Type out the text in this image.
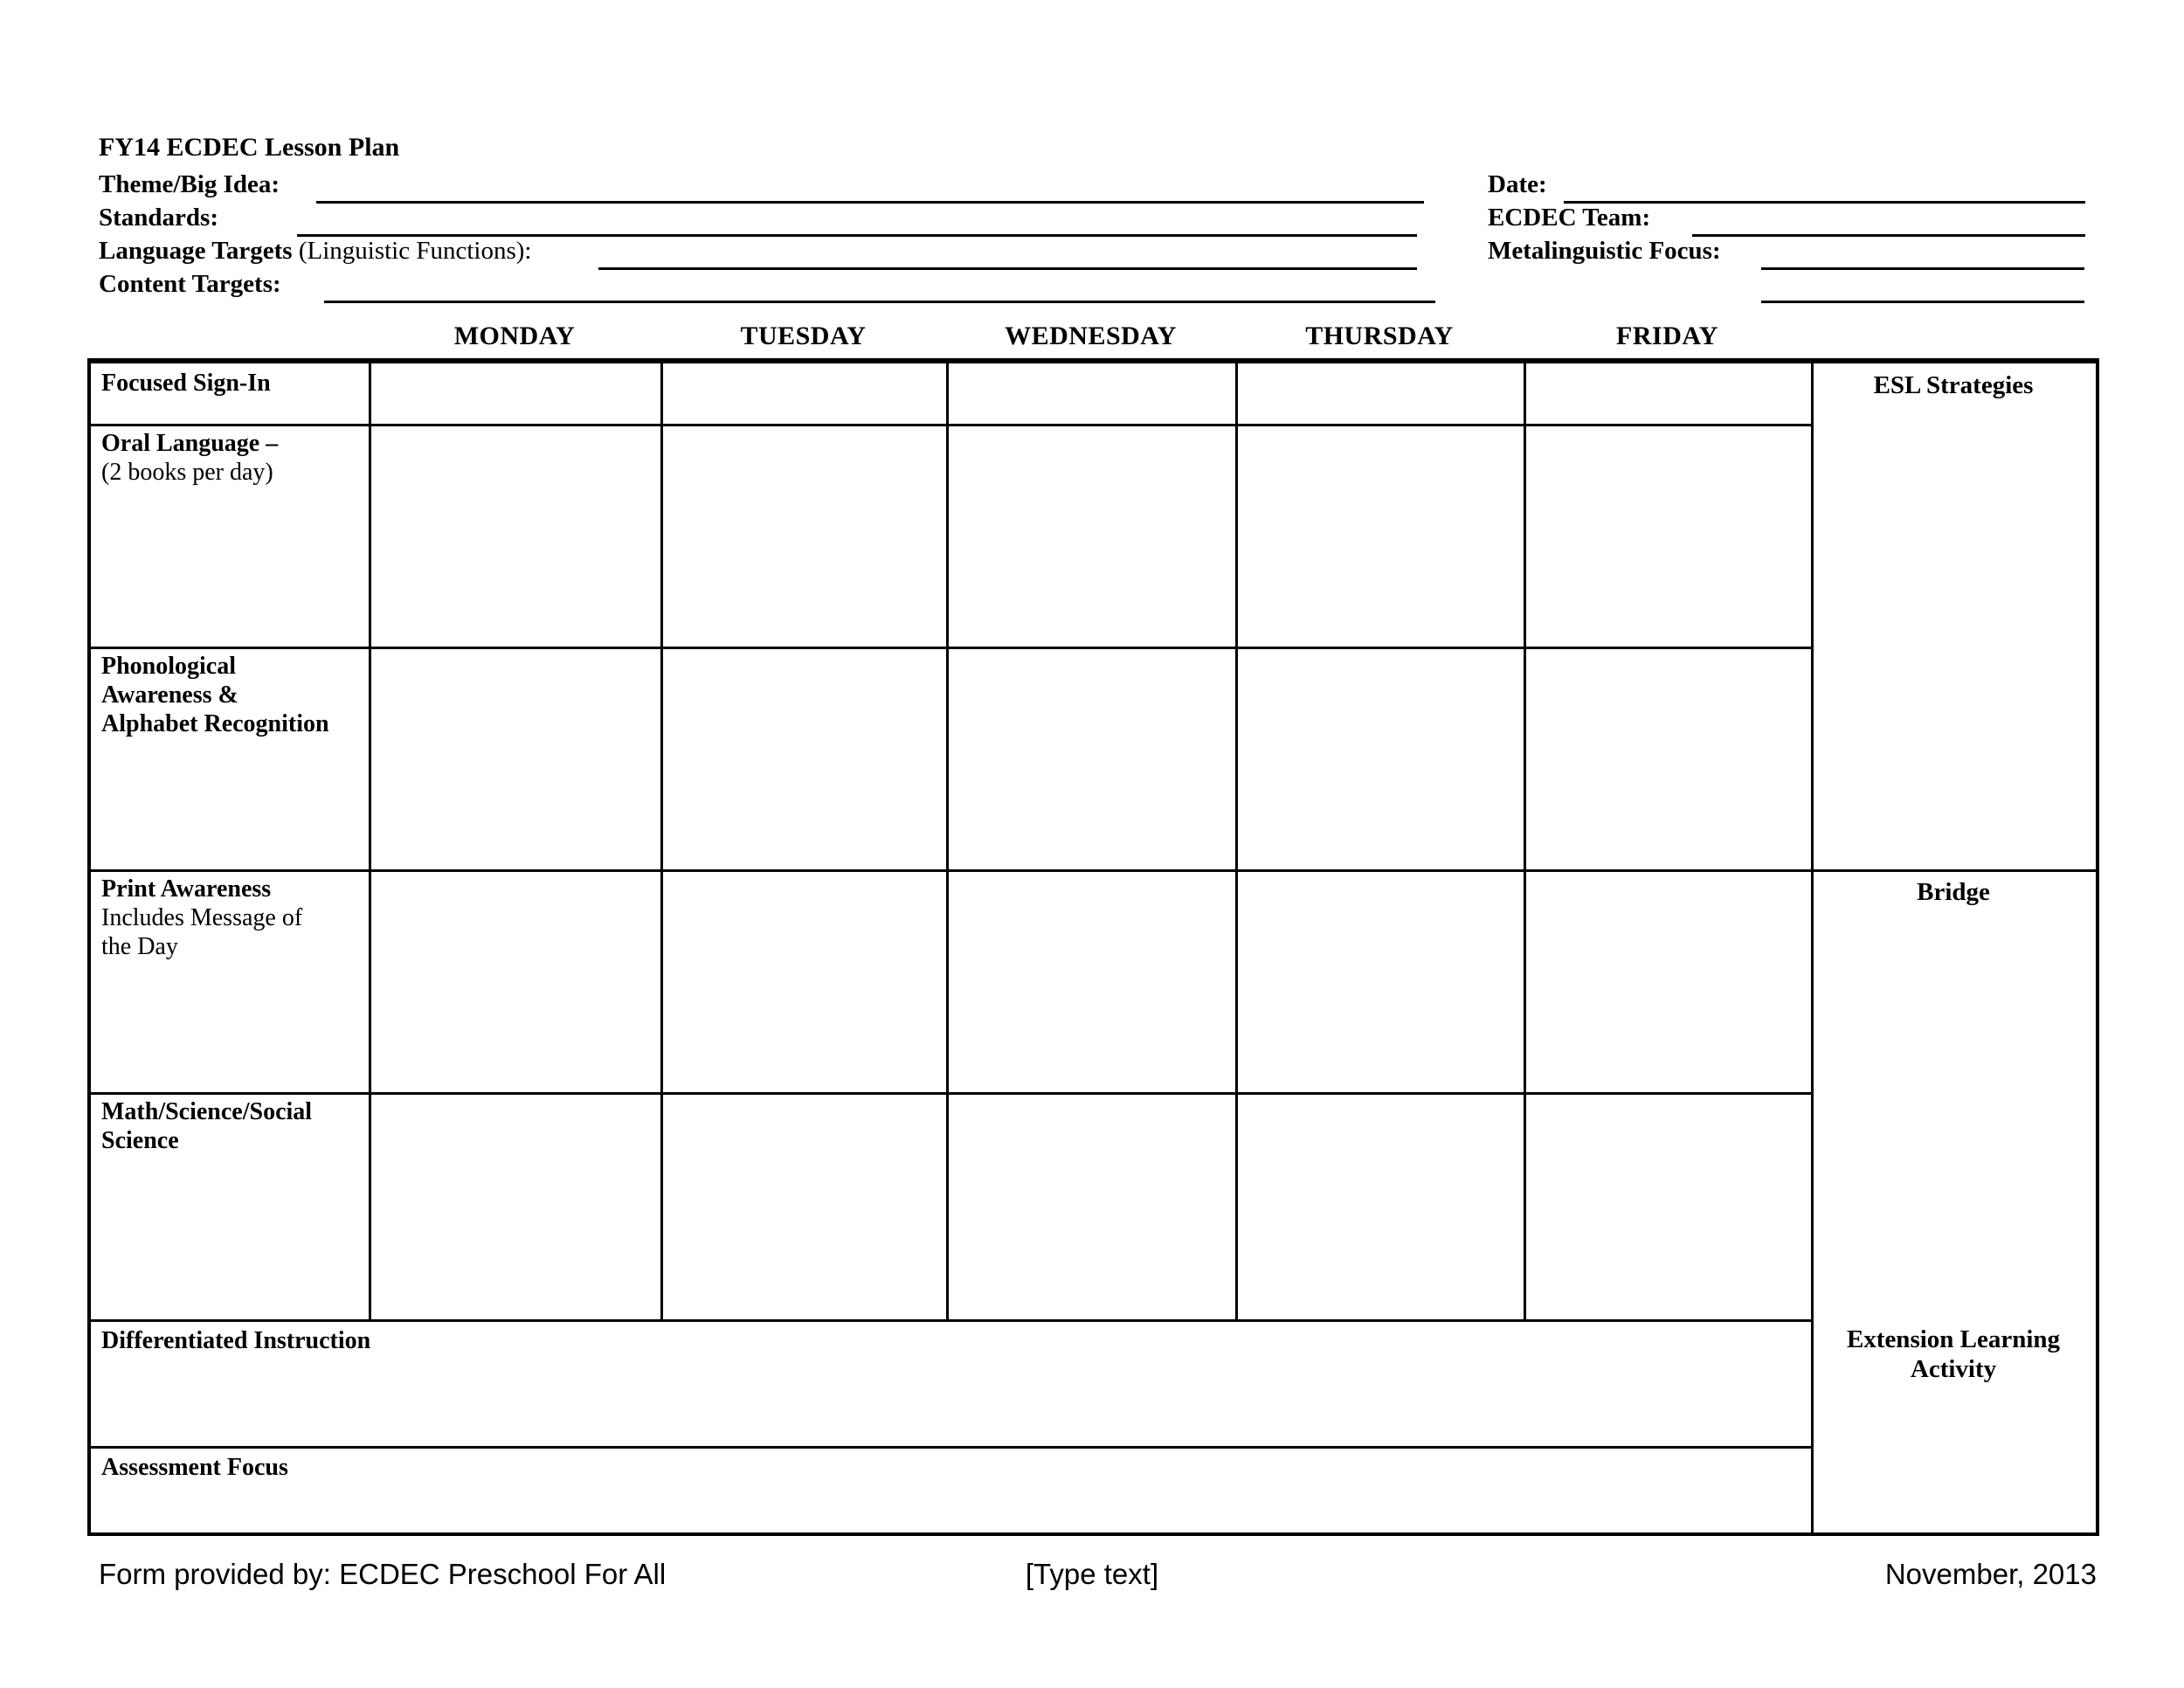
FY14 ECDEC Lesson Plan
Theme/Big Idea:
Standards:
Language Targets (Linguistic Functions):
Content Targets:
Date:
ECDEC Team:
Metalinguistic Focus:
MONDAY	TUESDAY	WEDNESDAY	THURSDAY	FRIDAY
Focused Sign-In
Oral Language –
(2 books per day)
Phonological
Awareness &
Alphabet Recognition
Print Awareness
Includes Message of
the Day
Math/Science/Social
Science
Differentiated Instruction
Assessment Focus
ESL Strategies
Bridge
Extension Learning
Activity
Form provided by: ECDEC Preschool For All	[Type text]	November, 2013
